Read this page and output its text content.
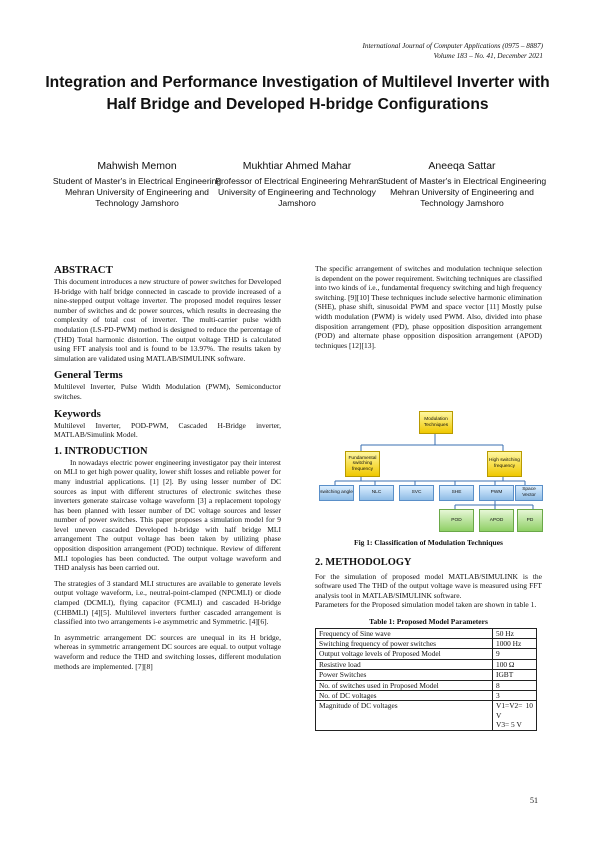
International Journal of Computer Applications (0975 – 8887)
Volume 183 – No. 41, December 2021
Integration and Performance Investigation of Multilevel Inverter with Half Bridge and Developed H-bridge Configurations
Mahwish Memon
Student of Master's in Electrical Engineering Mehran University of Engineering and Technology Jamshoro
Mukhtiar Ahmed Mahar
Professor of Electrical Engineering Mehran University of Engineering and Technology Jamshoro
Aneeqa Sattar
Student of Master's in Electrical Engineering Mehran University of Engineering and Technology Jamshoro
ABSTRACT

This document introduces a new structure of power switches for Developed H-bridge with half bridge connected in cascade to provide increased of a nine-stepped output voltage inverter. The proposed model requires lesser number of switches and dc power sources, which results in decreasing the complexity of total cost of inverter. The multi-carrier pulse width modulation (LS-PD-PWM) method is designed to reduce the percentage of (THD) Total harmonic distortion. The output voltage THD is calculated using FFT analysis tool and is found to be 13.97%. The results taken by simulation are validated using MATLAB/SIMULINK software.

General Terms

Multilevel Inverter, Pulse Width Modulation (PWM), Semiconductor switches.

Keywords

Multilevel Inverter, POD-PWM, Cascaded H-Bridge inverter, MATLAB/Simulink Model.

1. INTRODUCTION

In nowadays electric power engineering investigator pay their interest on MLI to get high power quality, lower shift losses and reliable power for many industrial applications. [1] [2]. By using lesser number of DC sources as input with different structures of electronic switches these inverters generate staircase voltage waveform [3] a replacement topology has been planned with lesser number of DC voltage sources and lesser number of power switches. This paper proposes a simulation model for 9 level uneven cascaded Developed h-bridge with half bridge MLI arrangement The output voltage has been taken by utilizing phase opposition disposition arrangement (POD) technique. Review of different MLI topologies has been conducted. The output voltage waveform and THD analysis has been carried out.

The strategies of 3 standard MLI structures are available to generate levels output voltage waveform, i.e., neutral-point-clamped (NPCMLI) or diode clamped (DCMLI), flying capacitor (FCMLI) and cascaded H-bridge (CHBMLI) [4][5]. Multilevel inverters further cascaded arrangement is classified into two arrangements i-e asymmetric and Symmetric. [4][6].

In asymmetric arrangement DC sources are unequal in its H bridge, whereas in symmetric arrangement DC sources are equal. to output voltage waveform and reduce the THD and switching losses, different modulation methods are implemented. [7][8]

The specific arrangement of switches and modulation technique selection is dependent on the power requirement. Switching techniques are classified into two kinds of i.e., fundamental frequency switching and high frequency switching. [9][10] These techniques include selective harmonic elimination (SHE), phase shift, sinusoidal PWM and space vector [11] Mostly pulse width modulation (PWM) is widely used PWM. Also, divided into phase disposition arrangement (PD), phase opposition disposition arrangement (POD) and alternate phase opposition disposition arrangement (APOD) techniques [12][13].

Modulation Techniques
Fundamental switching frequency
High switching frequency
switching angle	NLC	SVC	SHE	PWM
Space Vector
POD	APOD	PD
Fig 1: Classification of Modulation Techniques
2. METHODOLOGY

For the simulation of proposed model MATLAB/SIMULINK is the software used The THD of the output voltage wave is measured using FFT analysis tool in MATLAB/SIMULINK software.

Parameters for the Proposed simulation model taken are shown in table 1.

Table 1: Proposed Model Parameters
Frequency of Sine wave	50 Hz
Switching frequency of power switches	1000 Hz
Output voltage levels of Proposed Model	9
Resistive load	100 Ω
Power Switches	IGBT
No. of switches used in Proposed Model	8
No. of DC voltages	3
Magnitude of DC voltages	V1=V2= 10 V
V3= 5 V
51
